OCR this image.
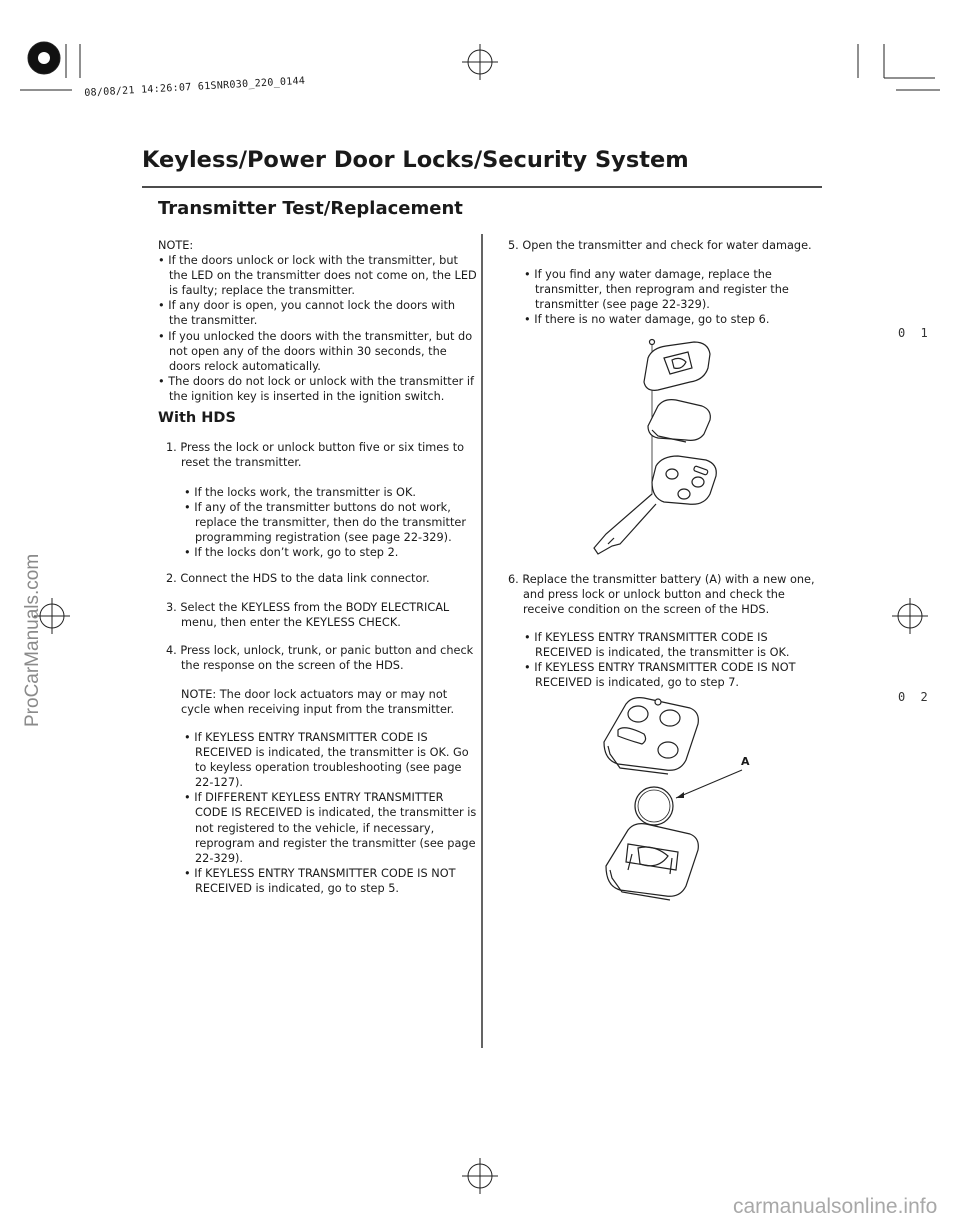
08/08/21 14:26:07 61SNR030_220_0144
Keyless/Power Door Locks/Security System
Transmitter Test/Replacement
NOTE:
• If the doors unlock or lock with the transmitter, but
the LED on the transmitter does not come on, the LED
is faulty; replace the transmitter.
• If any door is open, you cannot lock the doors with
the transmitter.
• If you unlocked the doors with the transmitter, but do
not open any of the doors within 30 seconds, the
doors relock automatically.
• The doors do not lock or unlock with the transmitter if
the ignition key is inserted in the ignition switch.
With HDS
1. Press the lock or unlock button five or six times to
reset the transmitter.
• If the locks work, the transmitter is OK.
• If any of the transmitter buttons do not work,
replace the transmitter, then do the transmitter
programming registration (see page 22-329).
• If the locks don’t work, go to step 2.
2. Connect the HDS to the data link connector.
3. Select the KEYLESS from the BODY ELECTRICAL
menu, then enter the KEYLESS CHECK.
4. Press lock, unlock, trunk, or panic button and check
the response on the screen of the HDS.
NOTE: The door lock actuators may or may not
cycle when receiving input from the transmitter.
• If KEYLESS ENTRY TRANSMITTER CODE IS
RECEIVED is indicated, the transmitter is OK. Go
to keyless operation troubleshooting (see page
22-127).
• If DIFFERENT KEYLESS ENTRY TRANSMITTER
CODE IS RECEIVED is indicated, the transmitter is
not registered to the vehicle, if necessary,
reprogram and register the transmitter (see page
22-329).
• If KEYLESS ENTRY TRANSMITTER CODE IS NOT
RECEIVED is indicated, go to step 5.
5. Open the transmitter and check for water damage.
• If you find any water damage, replace the
transmitter, then reprogram and register the
transmitter (see page 22-329).
• If there is no water damage, go to step 6.
6. Replace the transmitter battery (A) with a new one,
and press lock or unlock button and check the
receive condition on the screen of the HDS.
• If KEYLESS ENTRY TRANSMITTER CODE IS
RECEIVED is indicated, the transmitter is OK.
• If KEYLESS ENTRY TRANSMITTER CODE IS NOT
RECEIVED is indicated, go to step 7.
A
0 1
0 2
ProCarManuals.com
carmanualsonline.info
